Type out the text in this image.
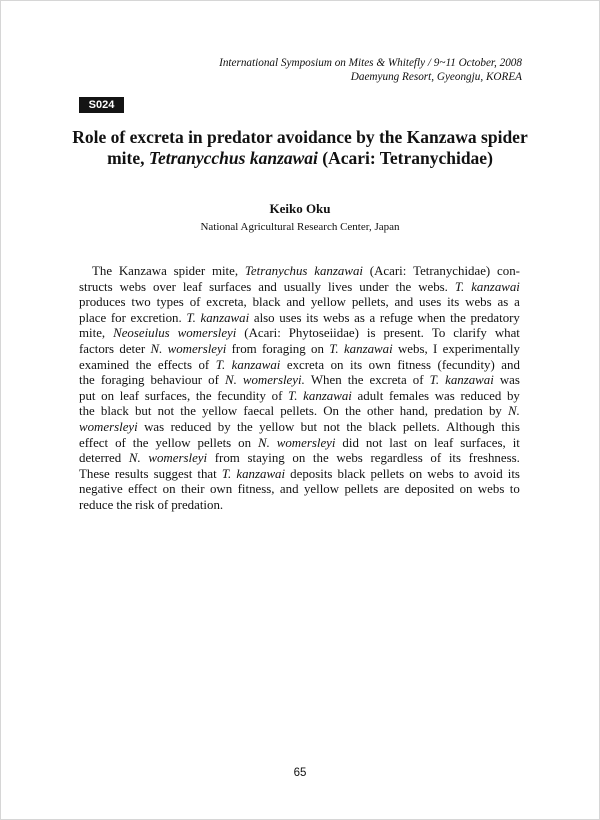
International Symposium on Mites & Whitefly / 9~11 October, 2008
Daemyung Resort, Gyeongju, KOREA
S024
Role of excreta in predator avoidance by the Kanzawa spider
mite, Tetranycchus kanzawai (Acari: Tetranychidae)
Keiko Oku
National Agricultural Research Center, Japan
The Kanzawa spider mite, Tetranychus kanzawai (Acari: Tetranychidae) con-
structs webs over leaf surfaces and usually lives under the webs. T. kanzawai
produces two types of excreta, black and yellow pellets, and uses its webs as a
place for excretion. T. kanzawai also uses its webs as a refuge when the predatory
mite, Neoseiulus womersleyi (Acari: Phytoseiidae) is present. To clarify what
factors deter N. womersleyi from foraging on T. kanzawai webs, I experimentally
examined the effects of T. kanzawai excreta on its own fitness (fecundity) and
the foraging behaviour of N. womersleyi. When the excreta of T. kanzawai was
put on leaf surfaces, the fecundity of T. kanzawai adult females was reduced by
the black but not the yellow faecal pellets. On the other hand, predation by N.
womersleyi was reduced by the yellow but not the black pellets. Although this
effect of the yellow pellets on N. womersleyi did not last on leaf surfaces, it
deterred N. womersleyi from staying on the webs regardless of its freshness.
These results suggest that T. kanzawai deposits black pellets on webs to avoid its
negative effect on their own fitness, and yellow pellets are deposited on webs to
reduce the risk of predation.
65
